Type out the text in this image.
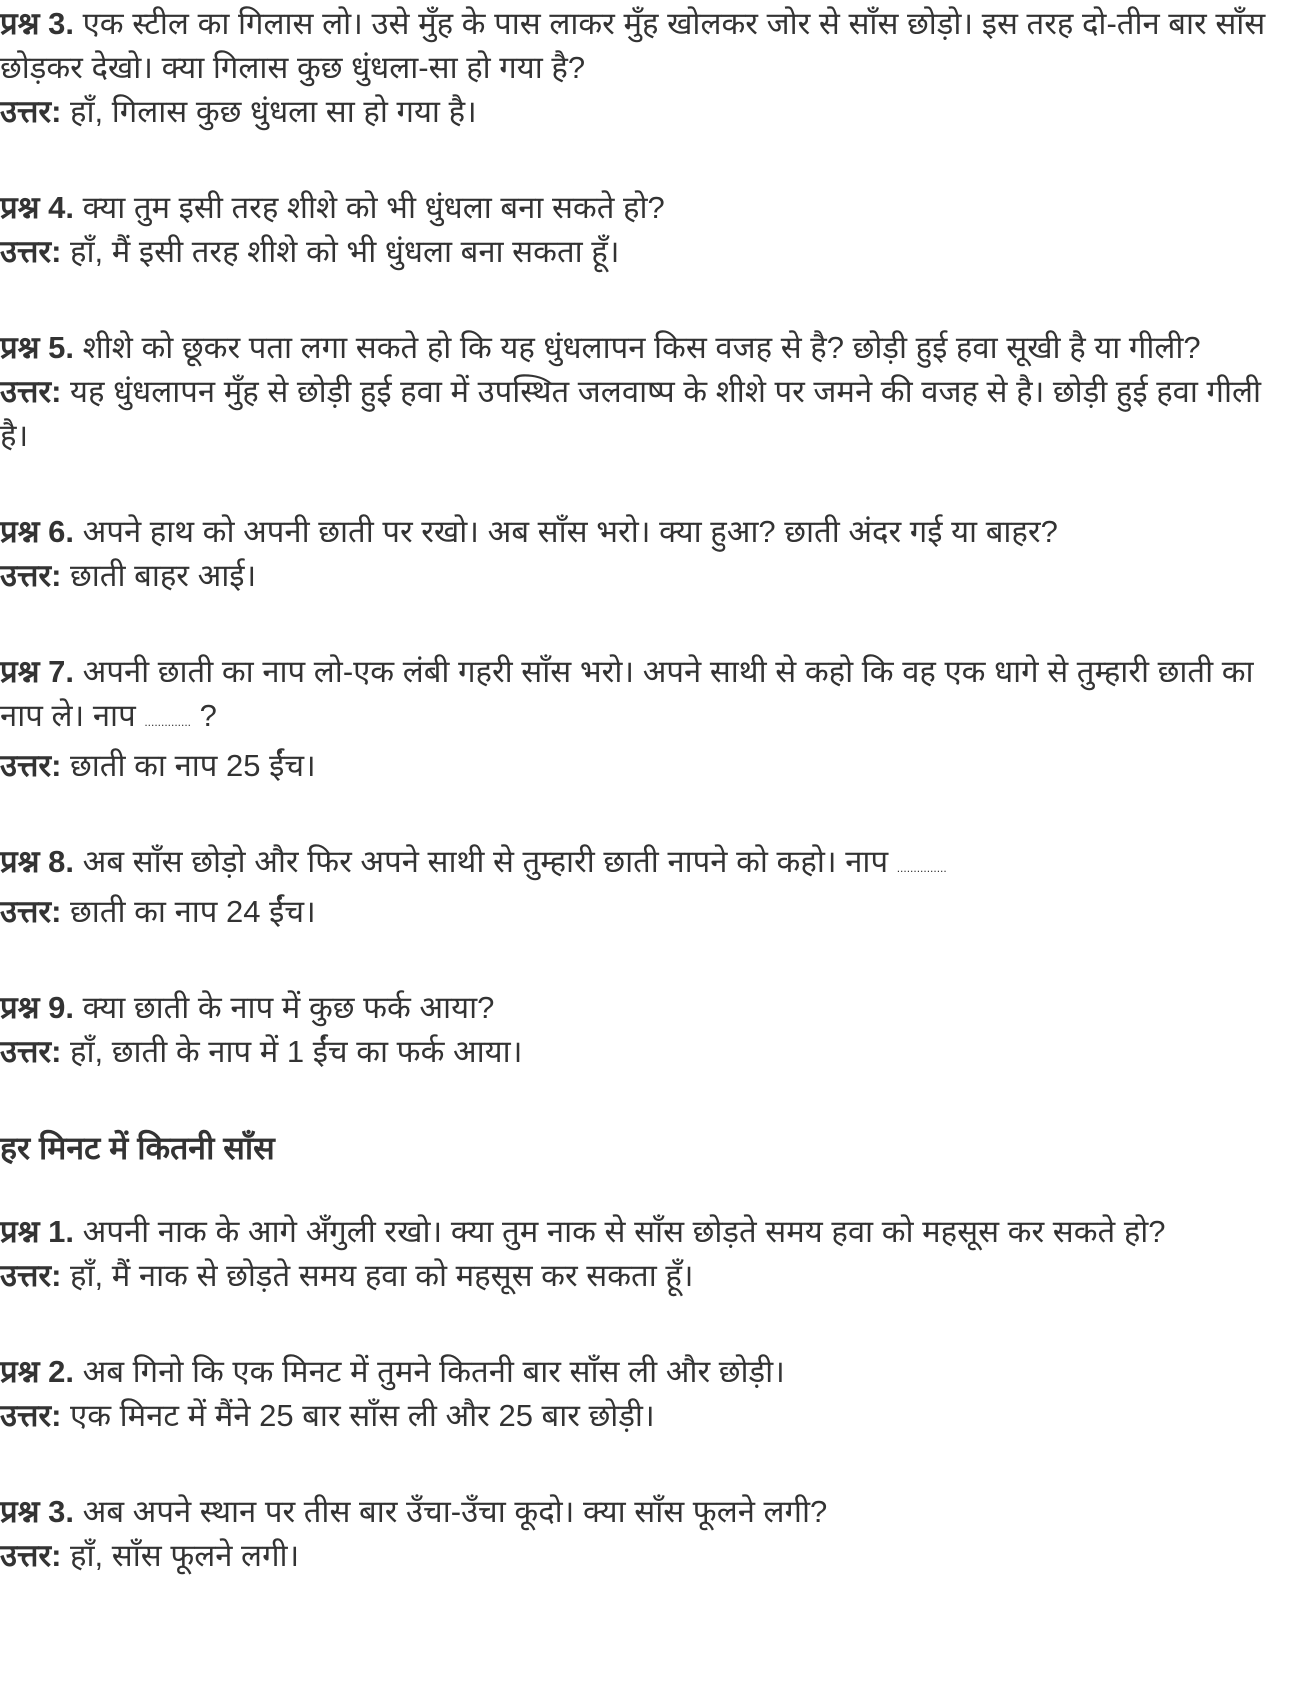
प्रश्न 3. एक स्टील का गिलास लो। उसे मुँह के पास लाकर मुँह खोलकर जोर से साँस छोड़ो। इस तरह दो-तीन बार साँस छोड़कर देखो। क्या गिलास कुछ धुंधला-सा हो गया है?
उत्तर: हाँ, गिलास कुछ धुंधला सा हो गया है।
प्रश्न 4. क्या तुम इसी तरह शीशे को भी धुंधला बना सकते हो?
उत्तर: हाँ, मैं इसी तरह शीशे को भी धुंधला बना सकता हूँ।
प्रश्न 5. शीशे को छूकर पता लगा सकते हो कि यह धुंधलापन किस वजह से है? छोड़ी हुई हवा सूखी है या गीली?
उत्तर: यह धुंधलापन मुँह से छोड़ी हुई हवा में उपस्थित जलवाष्प के शीशे पर जमने की वजह से है। छोड़ी हुई हवा गीली है।
प्रश्न 6. अपने हाथ को अपनी छाती पर रखो। अब साँस भरो। क्या हुआ? छाती अंदर गई या बाहर?
उत्तर: छाती बाहर आई।
प्रश्न 7. अपनी छाती का नाप लो-एक लंबी गहरी साँस भरो। अपने साथी से कहो कि वह एक धागे से तुम्हारी छाती का नाप ले। नाप .............. ?
उत्तर: छाती का नाप 25 ईंच।
प्रश्न 8. अब साँस छोड़ो और फिर अपने साथी से तुम्हारी छाती नापने को कहो। नाप ...............
उत्तर: छाती का नाप 24 ईंच।
प्रश्न 9. क्या छाती के नाप में कुछ फर्क आया?
उत्तर: हाँ, छाती के नाप में 1 ईंच का फर्क आया।
हर मिनट में कितनी साँस
प्रश्न 1. अपनी नाक के आगे अँगुली रखो। क्या तुम नाक से साँस छोड़ते समय हवा को महसूस कर सकते हो?
उत्तर: हाँ, मैं नाक से छोड़ते समय हवा को महसूस कर सकता हूँ।
प्रश्न 2. अब गिनो कि एक मिनट में तुमने कितनी बार साँस ली और छोड़ी।
उत्तर: एक मिनट में मैंने 25 बार साँस ली और 25 बार छोड़ी।
प्रश्न 3. अब अपने स्थान पर तीस बार उँचा-उँचा कूदो। क्या साँस फूलने लगी?
उत्तर: हाँ, साँस फूलने लगी।
